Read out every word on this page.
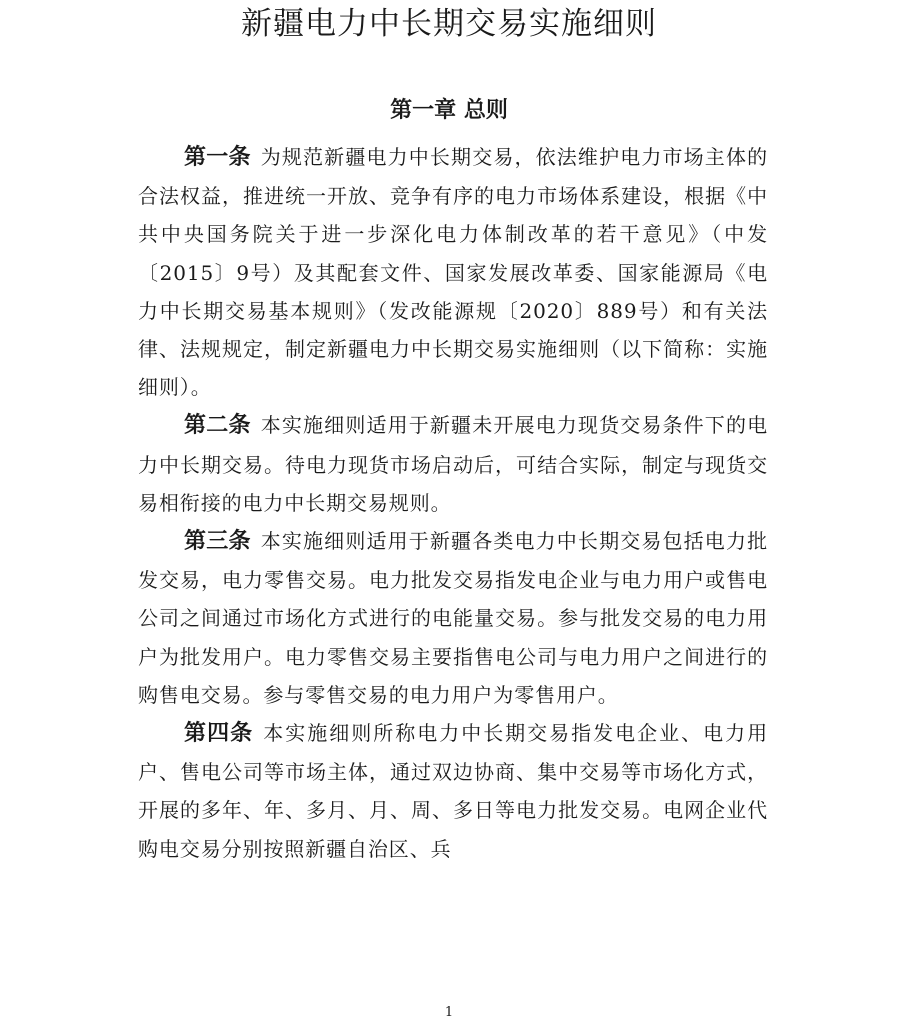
新疆电力中长期交易实施细则
第一章 总则

第一条 为规范新疆电力中长期交易，依法维护电力市场主体的合法权益，推进统一开放、竞争有序的电力市场体系建设，根据《中共中央国务院关于进一步深化电力体制改革的若干意见》（中发〔2015〕9号）及其配套文件、国家发展改革委、国家能源局《电力中长期交易基本规则》（发改能源规〔2020〕889号）和有关法律、法规规定，制定新疆电力中长期交易实施细则（以下简称：实施细则）。

第二条 本实施细则适用于新疆未开展电力现货交易条件下的电力中长期交易。待电力现货市场启动后，可结合实际，制定与现货交易相衔接的电力中长期交易规则。

第三条 本实施细则适用于新疆各类电力中长期交易包括电力批发交易，电力零售交易。电力批发交易指发电企业与电力用户或售电公司之间通过市场化方式进行的电能量交易。参与批发交易的电力用户为批发用户。电力零售交易主要指售电公司与电力用户之间进行的购售电交易。参与零售交易的电力用户为零售用户。

第四条 本实施细则所称电力中长期交易指发电企业、电力用户、售电公司等市场主体，通过双边协商、集中交易等市场化方式，开展的多年、年、多月、月、周、多日等电力批发交易。电网企业代购电交易分别按照新疆自治区、兵

1
